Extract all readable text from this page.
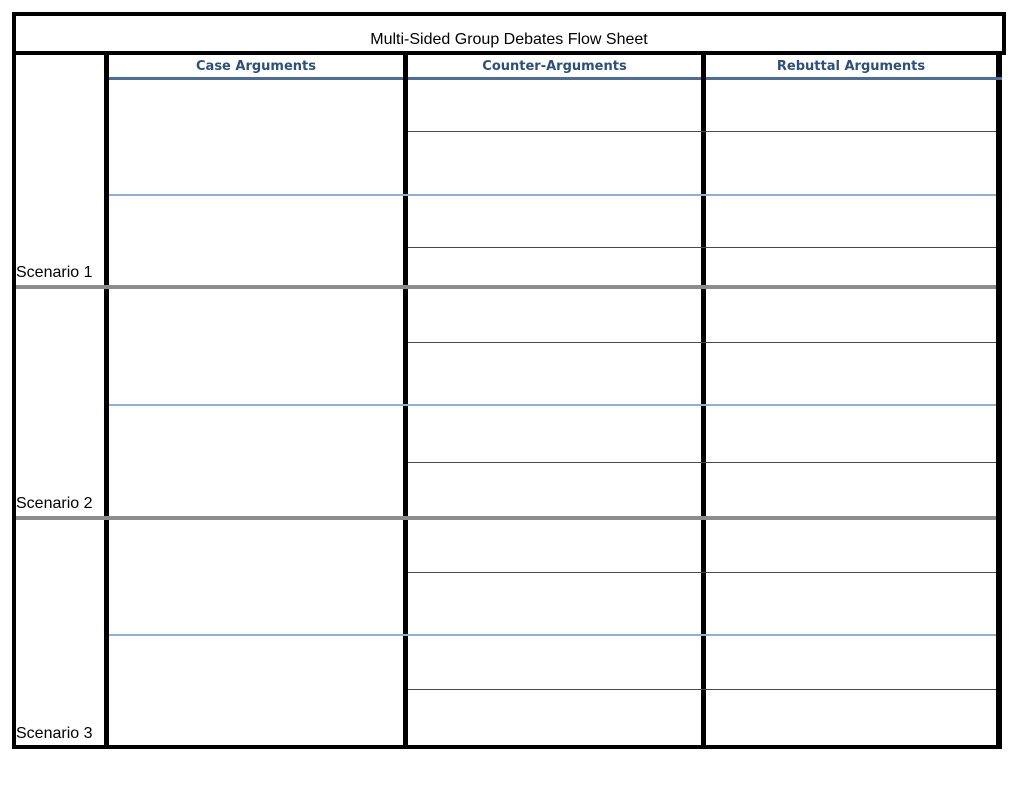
Multi-Sided Group Debates Flow Sheet
Case Arguments	Counter-Arguments	Rebuttal Arguments
Scenario 1
Scenario 2
Scenario 3
